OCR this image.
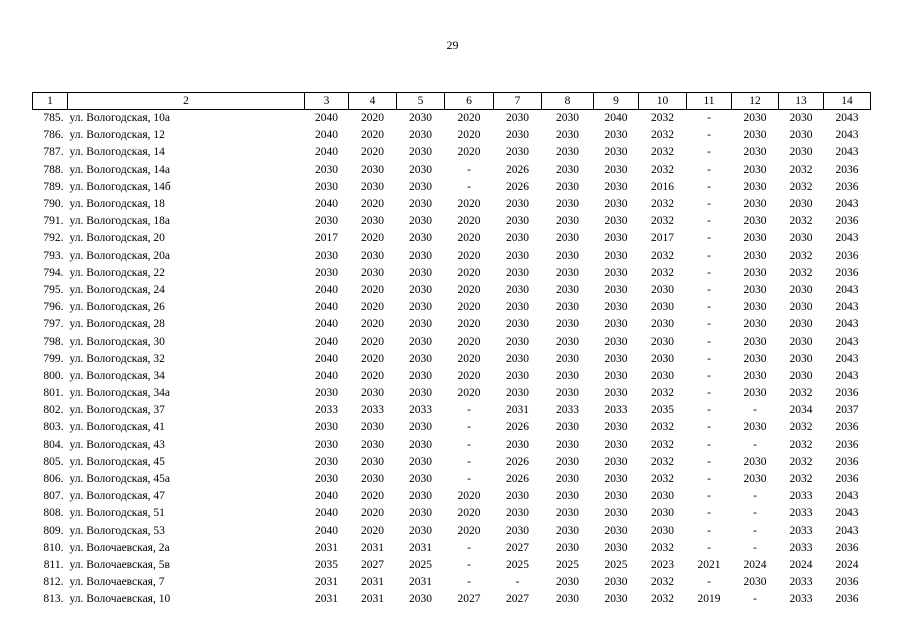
29
1	2	3	4	5	6	7	8	9	10	11	12	13	14
785.	ул. Вологодская, 10а	2040	2020	2030	2020	2030	2030	2040	2032	-	2030	2030	2043
786.	ул. Вологодская, 12	2040	2020	2030	2020	2030	2030	2030	2032	-	2030	2030	2043
787.	ул. Вологодская, 14	2040	2020	2030	2020	2030	2030	2030	2032	-	2030	2030	2043
788.	ул. Вологодская, 14а	2030	2030	2030	-	2026	2030	2030	2032	-	2030	2032	2036
789.	ул. Вологодская, 14б	2030	2030	2030	-	2026	2030	2030	2016	-	2030	2032	2036
790.	ул. Вологодская, 18	2040	2020	2030	2020	2030	2030	2030	2032	-	2030	2030	2043
791.	ул. Вологодская, 18а	2030	2030	2030	2020	2030	2030	2030	2032	-	2030	2032	2036
792.	ул. Вологодская, 20	2017	2020	2030	2020	2030	2030	2030	2017	-	2030	2030	2043
793.	ул. Вологодская, 20а	2030	2030	2030	2020	2030	2030	2030	2032	-	2030	2032	2036
794.	ул. Вологодская, 22	2030	2030	2030	2020	2030	2030	2030	2032	-	2030	2032	2036
795.	ул. Вологодская, 24	2040	2020	2030	2020	2030	2030	2030	2030	-	2030	2030	2043
796.	ул. Вологодская, 26	2040	2020	2030	2020	2030	2030	2030	2030	-	2030	2030	2043
797.	ул. Вологодская, 28	2040	2020	2030	2020	2030	2030	2030	2030	-	2030	2030	2043
798.	ул. Вологодская, 30	2040	2020	2030	2020	2030	2030	2030	2030	-	2030	2030	2043
799.	ул. Вологодская, 32	2040	2020	2030	2020	2030	2030	2030	2030	-	2030	2030	2043
800.	ул. Вологодская, 34	2040	2020	2030	2020	2030	2030	2030	2030	-	2030	2030	2043
801.	ул. Вологодская, 34а	2030	2030	2030	2020	2030	2030	2030	2032	-	2030	2032	2036
802.	ул. Вологодская, 37	2033	2033	2033	-	2031	2033	2033	2035	-	-	2034	2037
803.	ул. Вологодская, 41	2030	2030	2030	-	2026	2030	2030	2032	-	2030	2032	2036
804.	ул. Вологодская, 43	2030	2030	2030	-	2030	2030	2030	2032	-	-	2032	2036
805.	ул. Вологодская, 45	2030	2030	2030	-	2026	2030	2030	2032	-	2030	2032	2036
806.	ул. Вологодская, 45а	2030	2030	2030	-	2026	2030	2030	2032	-	2030	2032	2036
807.	ул. Вологодская, 47	2040	2020	2030	2020	2030	2030	2030	2030	-	-	2033	2043
808.	ул. Вологодская, 51	2040	2020	2030	2020	2030	2030	2030	2030	-	-	2033	2043
809.	ул. Вологодская, 53	2040	2020	2030	2020	2030	2030	2030	2030	-	-	2033	2043
810.	ул. Волочаевская, 2а	2031	2031	2031	-	2027	2030	2030	2032	-	-	2033	2036
811.	ул. Волочаевская, 5в	2035	2027	2025	-	2025	2025	2025	2023	2021	2024	2024	2024
812.	ул. Волочаевская, 7	2031	2031	2031	-	-	2030	2030	2032	-	2030	2033	2036
813.	ул. Волочаевская, 10	2031	2031	2030	2027	2027	2030	2030	2032	2019	-	2033	2036
